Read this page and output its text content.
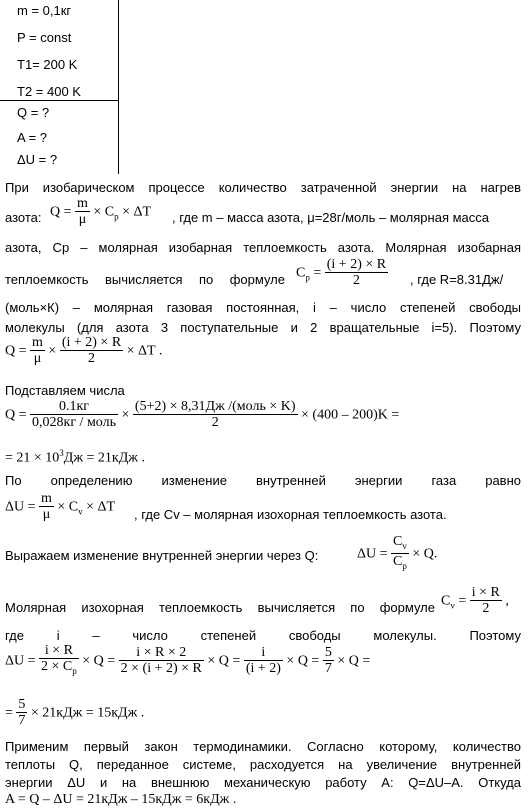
m = 0,1кг
P = const
T1= 200 K
T2 = 400 K
Q = ?
A = ?
ΔU = ?
При изобарическом процессе количество затраченной энергии на нагрев
азота: $Q = \frac{m}{\mu} \times C_p \times \Delta T$ , где m – масса азота, μ=28г/моль – молярная масса
азота, Cp – молярная изобарная теплоемкость азота. Молярная изобарная
теплоемкость вычисляется по формуле $C_p = \frac{(i + 2) \times R}{2}$ , где R=8.31Дж/
(моль×К) – молярная газовая постоянная, i – число степеней свободы
молекулы (для азота 3 поступательные и 2 вращательные i=5). Поэтому
$Q = \frac{m}{\mu} \times \frac{(i + 2) \times R}{2} \times \Delta T$ .
Подставляем числа
$Q = \frac{0.1кг}{\text{0,028кг / моль}} \times \frac{\text{(5+2) × 8,31Дж /(моль × K)}}{2} \times (400 - 200)K$ =
= $21 \times 10^3Дж = 21кДж$ .
По определению изменение внутренней энергии газа равно
$\Delta U = \frac{m}{\mu} \times C_v \times \Delta T$ , где Cv – молярная изохорная теплоемкость азота.
Выражаем изменение внутренней энергии через Q:	$\Delta U = \frac{C_v}{C_p} \times Q$.
Молярная изохорная теплоемкость вычисляется по формуле $C_v = \frac{i \times R}{2}$ ,
где i – число степеней свободы молекулы. Поэтому
$\Delta U = \frac{i \times R}{2 \times C_p} \times Q = \frac{i \times R \times 2}{2 \times (i + 2) \times R} \times Q = \frac{i}{(i + 2)} \times Q = \frac{5}{7} \times Q$ =
= $\frac{5}{7} \times 21кДж = 15кДж$ .
Применим первый закон термодинамики. Согласно которому, количество
теплоты Q, переданное системе, расходуется на увеличение внутренней
энергии ΔU и на внешнюю механическую работу А: Q=ΔU–A. Откуда
A = Q – ΔU = 21кДж – 15кДж = 6кДж .
